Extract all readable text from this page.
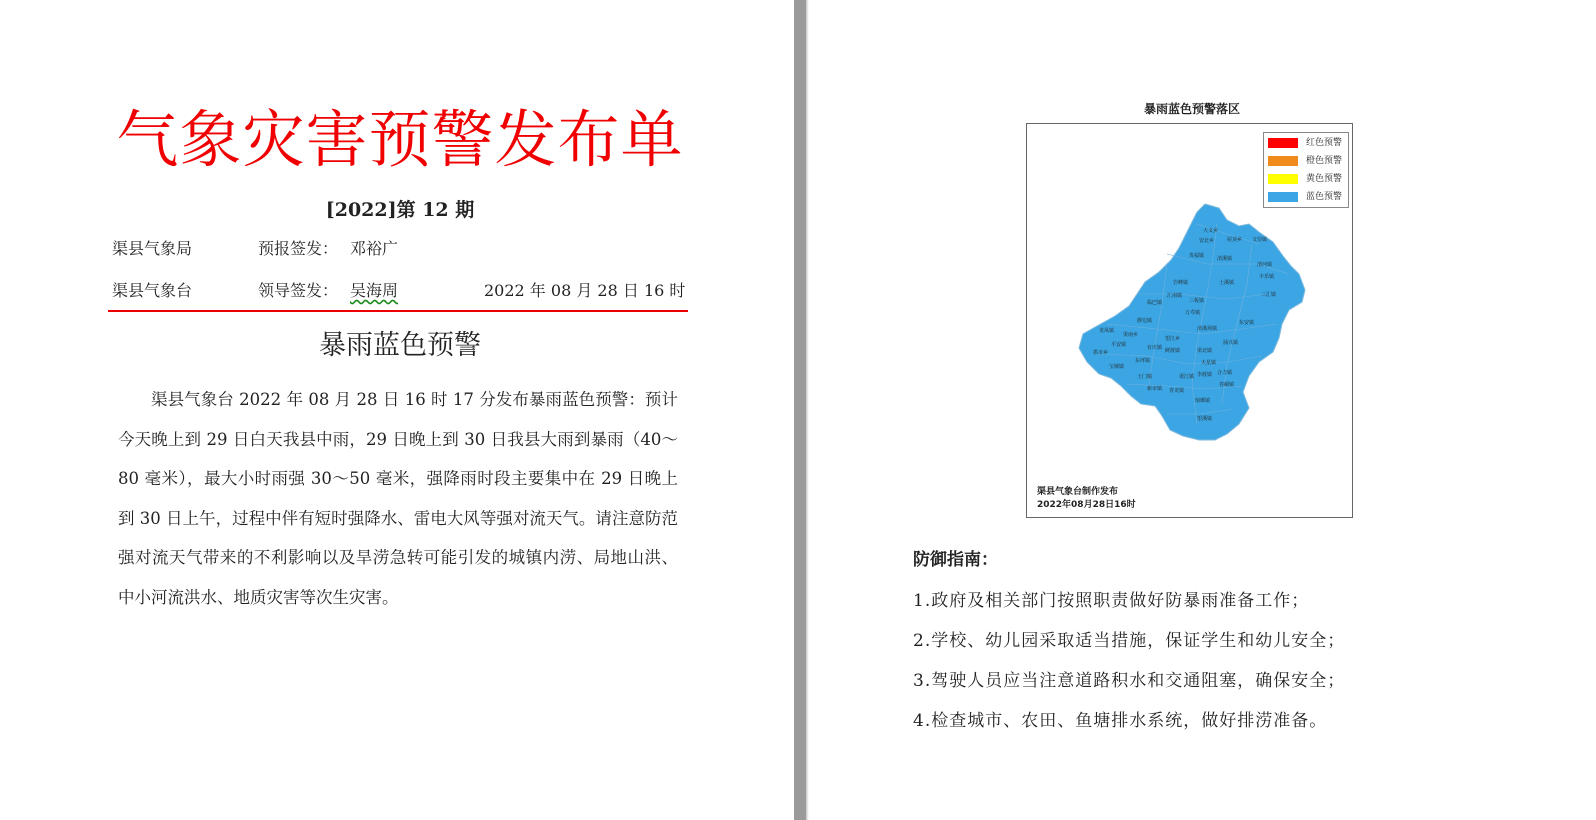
气象灾害预警发布单
[2022]第 12 期
渠县气象局	预报签发： 邓裕广
渠县气象台	领导签发： 吴海周	2022 年 08 月 28 日 16 时
暴雨蓝色预警

渠县气象台 2022 年 08 月 28 日 16 时 17 分发布暴雨蓝色预警：预计今天晚上到 29 日白天我县中雨，29 日晚上到 30 日我县大雨到暴雨（40～80 毫米），最大小时雨强 30～50 毫米，强降雨时段主要集中在 29 日晚上到 30 日上午，过程中伴有短时强降水、雷电大风等强对流天气。请注意防范强对流天气带来的不利影响以及旱涝急转可能引发的城镇内涝、局地山洪、中小河流洪水、地质灾害等次生灾害。

暴雨蓝色预警落区
大义乡
安北乡	屋顶乡 文崇镇
贵福镇	清溪镇
清河镇
丰乐镇
岩峰镇	土溪镇
三汇镇
临巴镇
汇南镇
三板镇
万寿镇
静边镇
龙凤镇
渠南乡
望江乡
清溪场镇
东安镇
有庆镇
平安镇
鲜渡镇	渠北镇
涌兴镇
东坪镇
拱市乡
天星镇
合力镇
宝城镇
土门镇	渠江镇 李渡镇
卷硐镇
青龙镇
新市镇
琅琊镇
望溪镇
红色预警
橙色预警
黄色预警
蓝色预警
渠县气象台制作发布
2022年08月28日16时
防御指南：
1.政府及相关部门按照职责做好防暴雨准备工作；
2.学校、幼儿园采取适当措施，保证学生和幼儿安全；
3.驾驶人员应当注意道路积水和交通阻塞，确保安全；
4.检查城市、农田、鱼塘排水系统，做好排涝准备。
